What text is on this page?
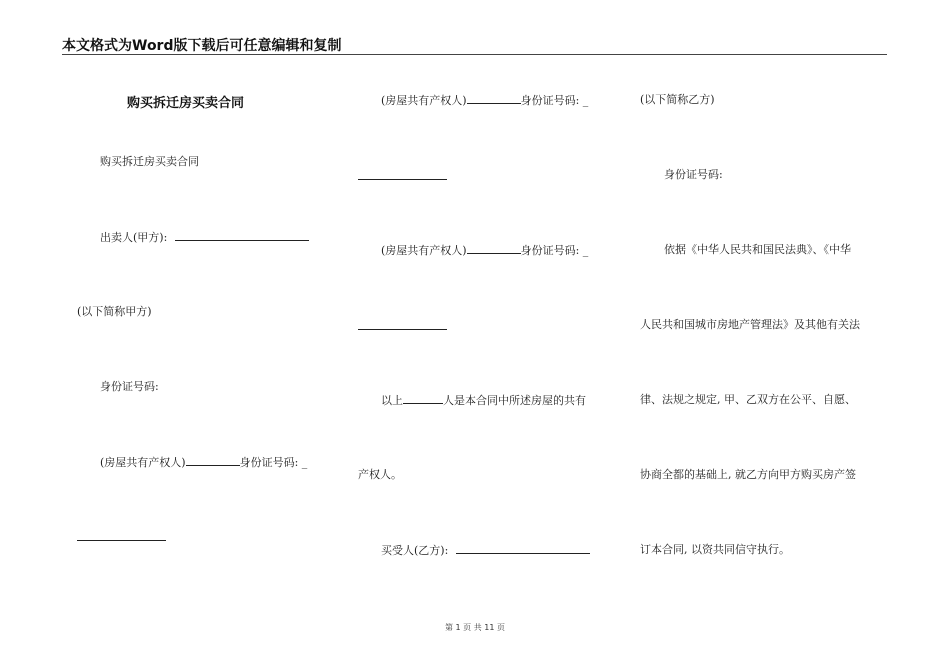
本文格式为Word版下载后可任意编辑和复制
购买拆迁房买卖合同
购买拆迁房买卖合同
出卖人(甲方):
(以下简称甲方)
身份证号码:
(房屋共有产权人)	身份证号码: _
(房屋共有产权人)	身份证号码: _
(房屋共有产权人)	身份证号码: _
以上	人是本合同中所述房屋的共有
产权人。
买受人(乙方):
(以下简称乙方)
身份证号码:
依据《中华人民共和国民法典》、《中华
人民共和国城市房地产管理法》及其他有关法
律、法规之规定, 甲、乙双方在公平、自愿、
协商全都的基础上, 就乙方向甲方购买房产签
订本合同, 以资共同信守执行。
第 1 页 共 11 页
